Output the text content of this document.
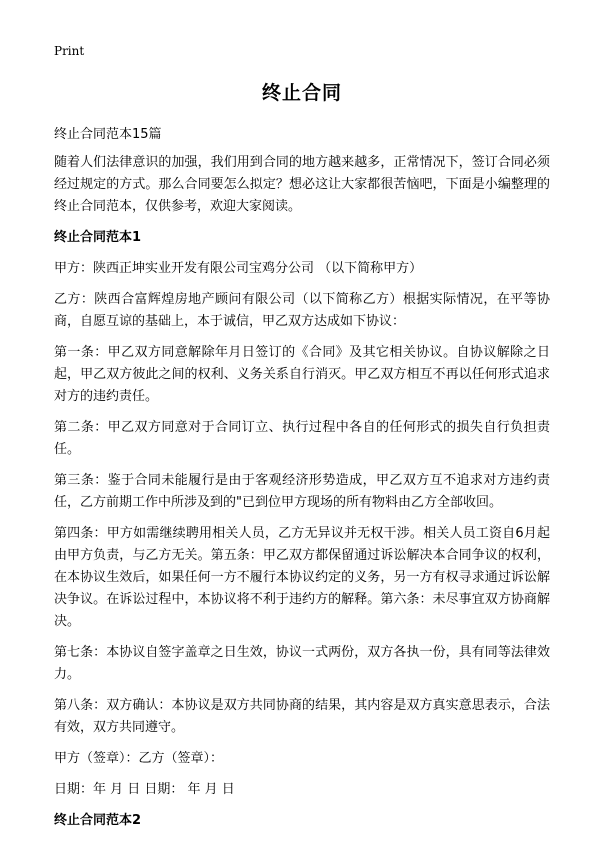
Print
终止合同
终止合同范本15篇

随着人们法律意识的加强，我们用到合同的地方越来越多，正常情况下，签订合同必须经过规定的方式。那么合同要怎么拟定？想必这让大家都很苦恼吧，下面是小编整理的终止合同范本，仅供参考，欢迎大家阅读。

终止合同范本1

甲方：陕西正坤实业开发有限公司宝鸡分公司 （以下简称甲方）

乙方：陕西合富辉煌房地产顾问有限公司（以下简称乙方）根据实际情况，在平等协商，自愿互谅的基础上，本于诚信，甲乙双方达成如下协议：

第一条：甲乙双方同意解除年月日签订的《合同》及其它相关协议。自协议解除之日起，甲乙双方彼此之间的权利、义务关系自行消灭。甲乙双方相互不再以任何形式追求对方的违约责任。

第二条：甲乙双方同意对于合同订立、执行过程中各自的任何形式的损失自行负担责任。

第三条：鉴于合同未能履行是由于客观经济形势造成，甲乙双方互不追求对方违约责任，乙方前期工作中所涉及到的"已到位甲方现场的所有物料由乙方全部收回。

第四条：甲方如需继续聘用相关人员，乙方无异议并无权干涉。相关人员工资自6月起由甲方负责，与乙方无关。第五条：甲乙双方都保留通过诉讼解决本合同争议的权利，在本协议生效后，如果任何一方不履行本协议约定的义务，另一方有权寻求通过诉讼解决争议。在诉讼过程中，本协议将不利于违约方的解释。第六条：未尽事宜双方协商解决。

第七条：本协议自签字盖章之日生效，协议一式两份，双方各执一份，具有同等法律效力。

第八条：双方确认：本协议是双方共同协商的结果，其内容是双方真实意思表示，合法有效，双方共同遵守。

甲方（签章）：乙方（签章）：

日期：年 月 日 日期： 年 月 日

终止合同范本2
